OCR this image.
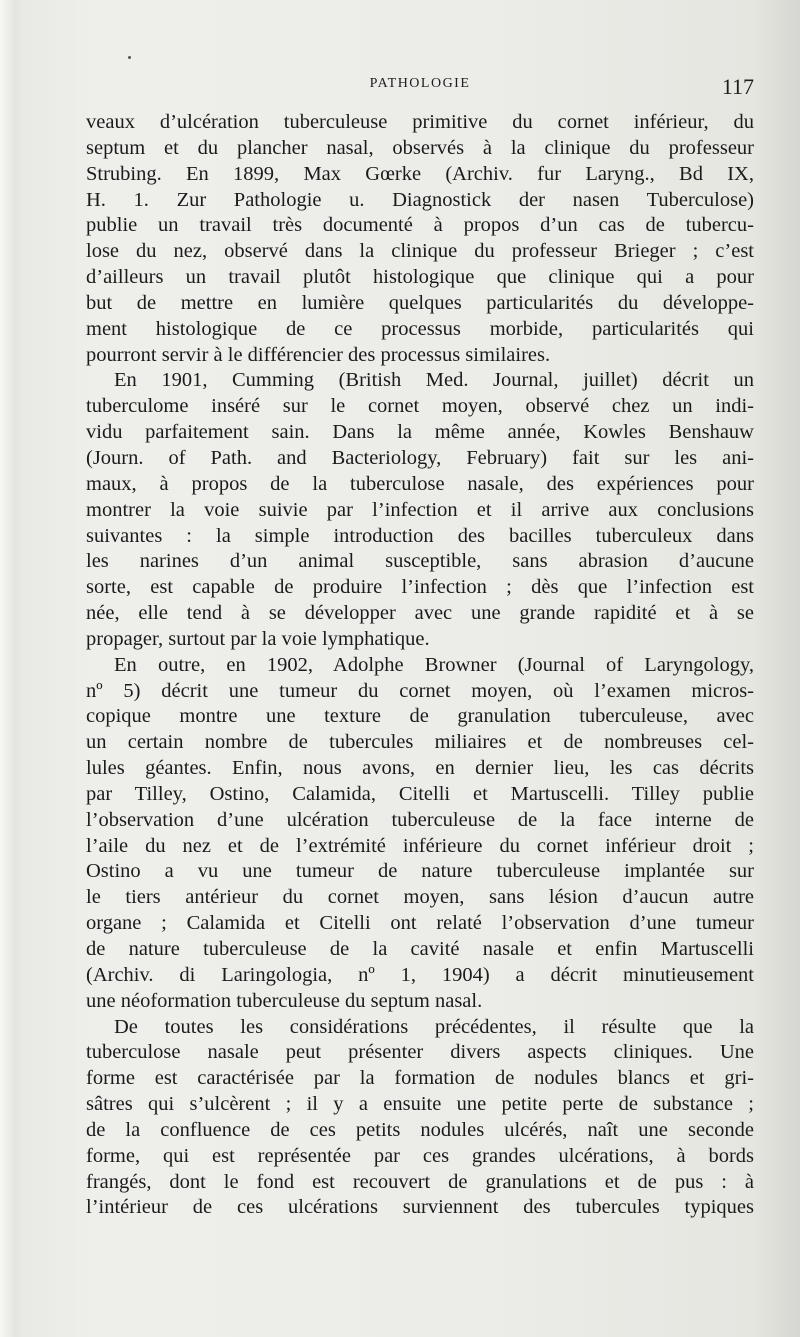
PATHOLOGIE	117
veaux d’ulcération tuberculeuse primitive du cornet inférieur, du
septum et du plancher nasal, observés à la clinique du professeur
Strubing. En 1899, Max Gœrke (Archiv. fur Laryng., Bd IX,
H. 1. Zur Pathologie u. Diagnostick der nasen Tuberculose)
publie un travail très documenté à propos d’un cas de tubercu-
lose du nez, observé dans la clinique du professeur Brieger ; c’est
d’ailleurs un travail plutôt histologique que clinique qui a pour
but de mettre en lumière quelques particularités du développe-
ment histologique de ce processus morbide, particularités qui
pourront servir à le différencier des processus similaires.
En 1901, Cumming (British Med. Journal, juillet) décrit un
tuberculome inséré sur le cornet moyen, observé chez un indi-
vidu parfaitement sain. Dans la même année, Kowles Benshauw
(Journ. of Path. and Bacteriology, February) fait sur les ani-
maux, à propos de la tuberculose nasale, des expériences pour
montrer la voie suivie par l’infection et il arrive aux conclusions
suivantes : la simple introduction des bacilles tuberculeux dans
les narines d’un animal susceptible, sans abrasion d’aucune
sorte, est capable de produire l’infection ; dès que l’infection est
née, elle tend à se développer avec une grande rapidité et à se
propager, surtout par la voie lymphatique.
En outre, en 1902, Adolphe Browner (Journal of Laryngology,
nº 5) décrit une tumeur du cornet moyen, où l’examen micros-
copique montre une texture de granulation tuberculeuse, avec
un certain nombre de tubercules miliaires et de nombreuses cel-
lules géantes. Enfin, nous avons, en dernier lieu, les cas décrits
par Tilley, Ostino, Calamida, Citelli et Martuscelli. Tilley publie
l’observation d’une ulcération tuberculeuse de la face interne de
l’aile du nez et de l’extrémité inférieure du cornet inférieur droit ;
Ostino a vu une tumeur de nature tuberculeuse implantée sur
le tiers antérieur du cornet moyen, sans lésion d’aucun autre
organe ; Calamida et Citelli ont relaté l’observation d’une tumeur
de nature tuberculeuse de la cavité nasale et enfin Martuscelli
(Archiv. di Laringologia, nº 1, 1904) a décrit minutieusement
une néoformation tuberculeuse du septum nasal.
De toutes les considérations précédentes, il résulte que la
tuberculose nasale peut présenter divers aspects cliniques. Une
forme est caractérisée par la formation de nodules blancs et gri-
sâtres qui s’ulcèrent ; il y a ensuite une petite perte de substance ;
de la confluence de ces petits nodules ulcérés, naît une seconde
forme, qui est représentée par ces grandes ulcérations, à bords
frangés, dont le fond est recouvert de granulations et de pus : à
l’intérieur de ces ulcérations surviennent des tubercules typiques
